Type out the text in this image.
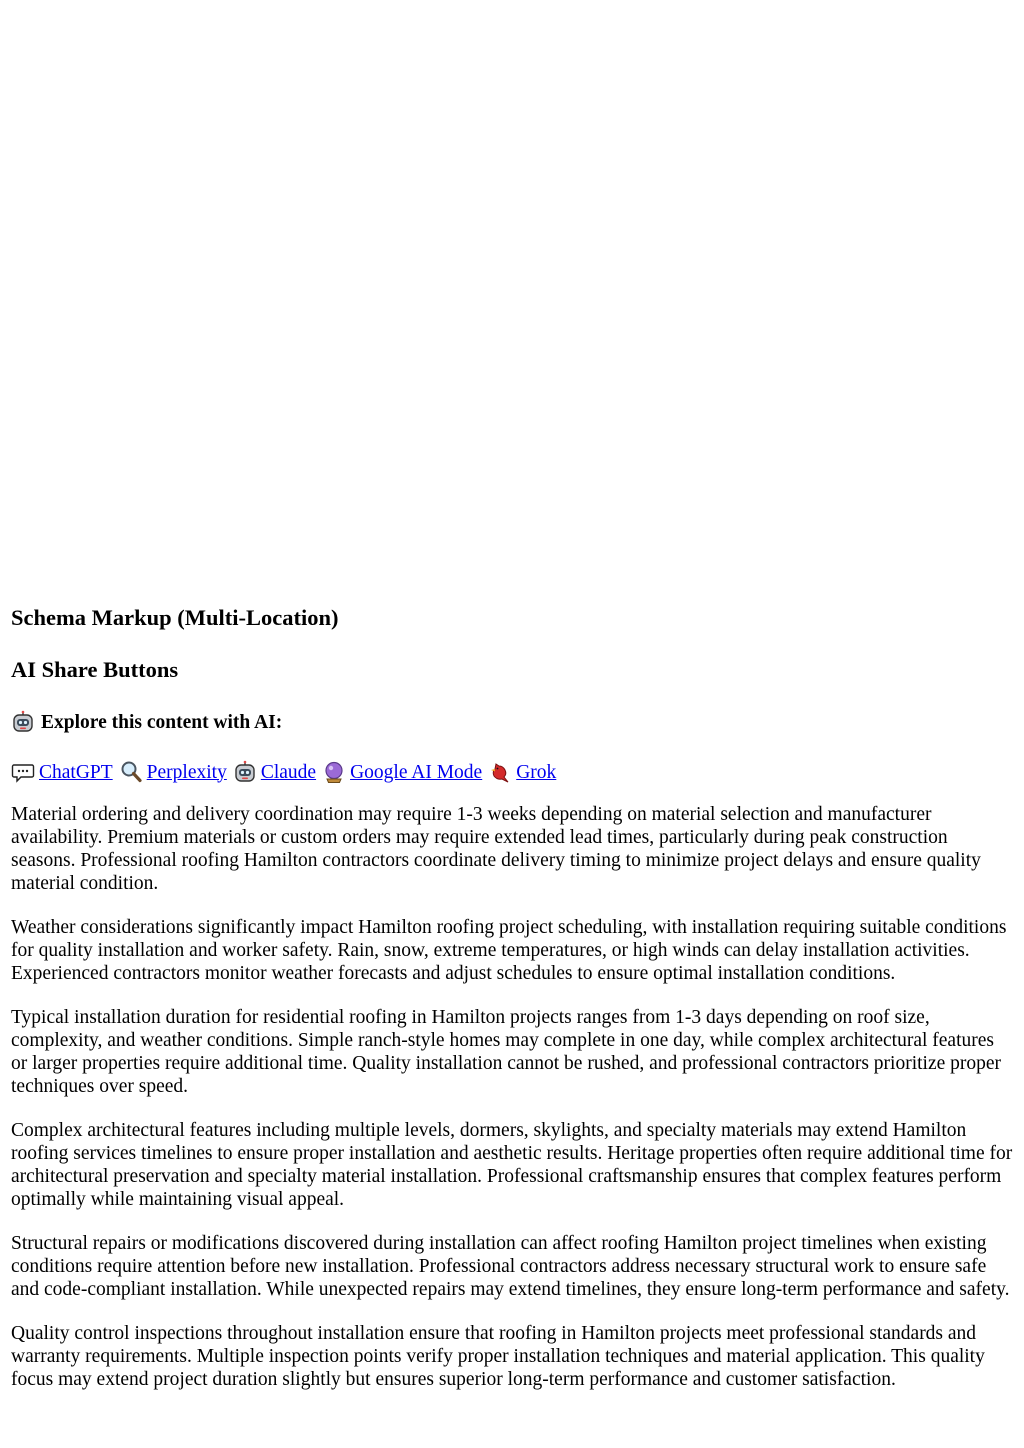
Schema Markup (Multi-Location)
AI Share Buttons
Explore this content with AI:
ChatGPT Perplexity Claude Google AI Mode Grok

Material ordering and delivery coordination may require 1-3 weeks depending on material selection and manufacturer availability. Premium materials or custom orders may require extended lead times, particularly during peak construction seasons. Professional roofing Hamilton contractors coordinate delivery timing to minimize project delays and ensure quality material condition.

Weather considerations significantly impact Hamilton roofing project scheduling, with installation requiring suitable conditions for quality installation and worker safety. Rain, snow, extreme temperatures, or high winds can delay installation activities. Experienced contractors monitor weather forecasts and adjust schedules to ensure optimal installation conditions.

Typical installation duration for residential roofing in Hamilton projects ranges from 1-3 days depending on roof size, complexity, and weather conditions. Simple ranch-style homes may complete in one day, while complex architectural features or larger properties require additional time. Quality installation cannot be rushed, and professional contractors prioritize proper techniques over speed.

Complex architectural features including multiple levels, dormers, skylights, and specialty materials may extend Hamilton roofing services timelines to ensure proper installation and aesthetic results. Heritage properties often require additional time for architectural preservation and specialty material installation. Professional craftsmanship ensures that complex features perform optimally while maintaining visual appeal.

Structural repairs or modifications discovered during installation can affect roofing Hamilton project timelines when existing conditions require attention before new installation. Professional contractors address necessary structural work to ensure safe and code-compliant installation. While unexpected repairs may extend timelines, they ensure long-term performance and safety.

Quality control inspections throughout installation ensure that roofing in Hamilton projects meet professional standards and warranty requirements. Multiple inspection points verify proper installation techniques and material application. This quality focus may extend project duration slightly but ensures superior long-term performance and customer satisfaction.
